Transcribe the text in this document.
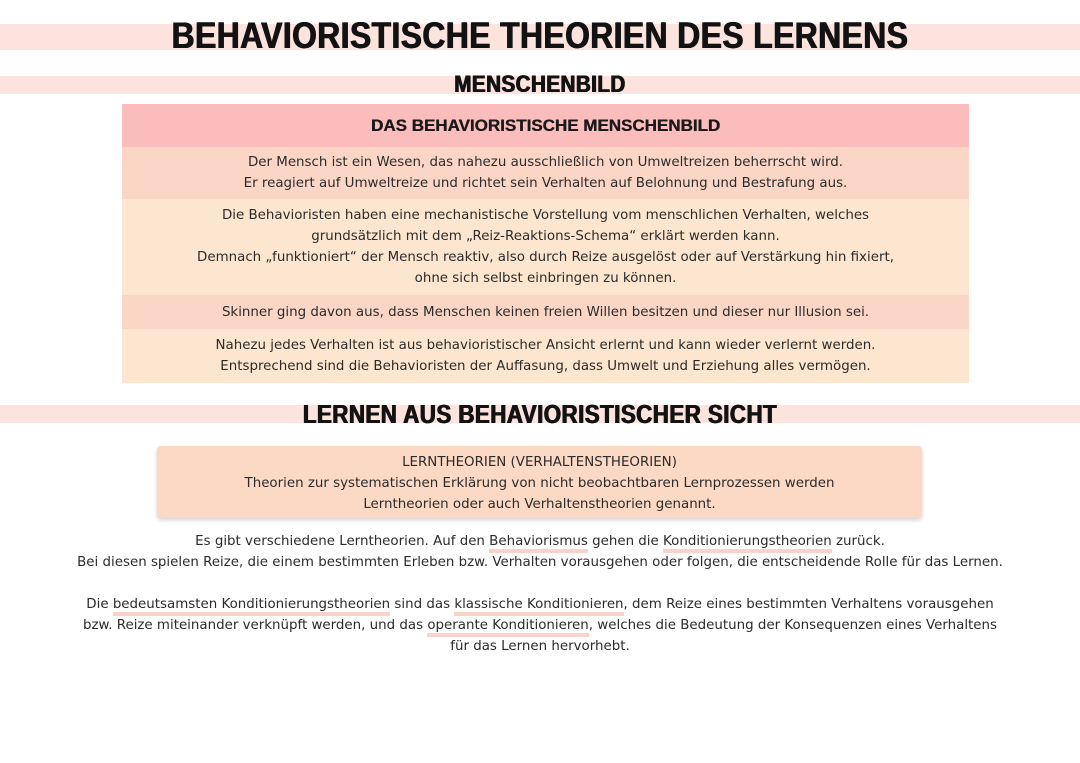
BEHAVIORISTISCHE THEORIEN DES LERNENS
MENSCHENBILD
DAS BEHAVIORISTISCHE MENSCHENBILD
Der Mensch ist ein Wesen, das nahezu ausschließlich von Umweltreizen beherrscht wird.
Er reagiert auf Umweltreize und richtet sein Verhalten auf Belohnung und Bestrafung aus.
Die Behavioristen haben eine mechanistische Vorstellung vom menschlichen Verhalten, welches
grundsätzlich mit dem „Reiz-Reaktions-Schema“ erklärt werden kann.
Demnach „funktioniert“ der Mensch reaktiv, also durch Reize ausgelöst oder auf Verstärkung hin fixiert,
ohne sich selbst einbringen zu können.
Skinner ging davon aus, dass Menschen keinen freien Willen besitzen und dieser nur Illusion sei.
Nahezu jedes Verhalten ist aus behavioristischer Ansicht erlernt und kann wieder verlernt werden.
Entsprechend sind die Behavioristen der Auffasung, dass Umwelt und Erziehung alles vermögen.
LERNEN AUS BEHAVIORISTISCHER SICHT
LERNTHEORIEN (VERHALTENSTHEORIEN)
Theorien zur systematischen Erklärung von nicht beobachtbaren Lernprozessen werden
Lerntheorien oder auch Verhaltenstheorien genannt.
Es gibt verschiedene Lerntheorien. Auf den Behaviorismus gehen die Konditionierungstheorien zurück.
Bei diesen spielen Reize, die einem bestimmten Erleben bzw. Verhalten vorausgehen oder folgen, die entscheidende Rolle für das Lernen.
Die bedeutsamsten Konditionierungstheorien sind das klassische Konditionieren, dem Reize eines bestimmten Verhaltens vorausgehen
bzw. Reize miteinander verknüpft werden, und das operante Konditionieren, welches die Bedeutung der Konsequenzen eines Verhaltens
für das Lernen hervorhebt.
